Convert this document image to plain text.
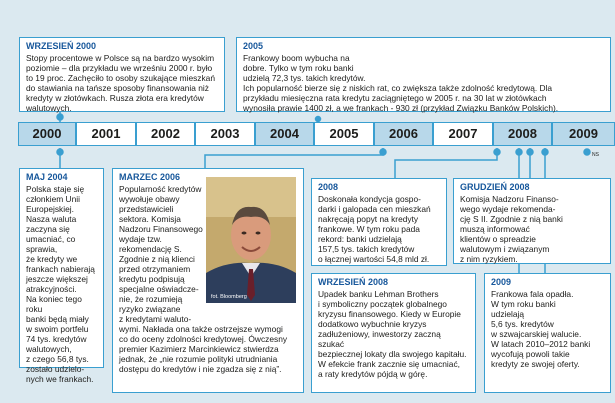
WRZESIEŃ 2000
Stopy procentowe w Polsce są na bardzo wysokim
poziomie – dla przykładu we wrześniu 2000 r. było
to 19 proc. Zachęciło to osoby szukające mieszkań
do stawiania na tańsze sposoby finansowania niż
kredyty w złotówkach. Rusza złota era kredytów
walutowych.
2005
Frankowy boom wybucha na
dobre. Tylko w tym roku banki
udzielą 72,3 tys. takich kredytów.
Ich popularność bierze się z niskich rat, co zwiększa także zdolność kredytową. Dla
przykładu miesięczna rata kredytu zaciągniętego w 2005 r. na 30 lat w złotówkach
wynosiła prawie 1400 zł, a we frankach - 930 zł (przykład Związku Banków Polskich).
2000	2001	2002	2003	2004	2005	2006	2007	2008	2009
MAJ 2004
Polska staje się
członkiem Unii
Europejskiej.
Nasza waluta
zaczyna się
umacniać, co
sprawia,
że kredyty we
frankach nabierają
jeszcze większej
atrakcyjności.
Na koniec tego roku
banki będą miały
w swoim portfelu
74 tys. kredytów
walutowych,
z czego 56,8 tys.
zostało udzielo-
nych we frankach.
MARZEC 2006
Popularność kredytów
wywołuje obawy
przedstawicieli
sektora. Komisja
Nadzoru Finansowego
wydaje tzw.
rekomendację S.
Zgodnie z nią klienci
przed otrzymaniem
kredytu podpisują
specjalne oświadcze-
nie, że rozumieją
ryzyko związane
z kredytami waluto-
wymi. Nakłada ona także ostrzejsze wymogi
co do oceny zdolności kredytowej. Ówczesny
premier Kazimierz Marcinkiewicz stwierdza
jednak, że „nie rozumie polityki utrudniania
dostępu do kredytów i nie zgadza się z nią”.
fot. Bloomberg
2008
Doskonała kondycja gospo-
darki i galopada cen mieszkań
nakręcają popyt na kredyty
frankowe. W tym roku pada
rekord: banki udzielają
157,5 tys. takich kredytów
o łącznej wartości 54,8 mld zł.
GRUDZIEŃ 2008
Komisja Nadzoru Finanso-
wego wydaje rekomenda-
cję S II. Zgodnie z nią banki
muszą informować
klientów o spreadzie
walutowym i związanym
z nim ryzykiem.
WRZESIEŃ 2008
Upadek banku Lehman Brothers
i symboliczny początek globalnego
kryzysu finansowego. Kiedy w Europie
dodatkowo wybuchnie kryzys
zadłużeniowy, inwestorzy zaczną szukać
bezpiecznej lokaty dla swojego kapitału.
W efekcie frank zacznie się umacniać,
a raty kredytów pójdą w górę.
2009
Frankowa fala opadła.
W tym roku banki
udzielają
5,6 tys. kredytów
w szwajcarskiej walucie.
W latach 2010–2012 banki
wycofują powoli takie
kredyty ze swojej oferty.
NS
